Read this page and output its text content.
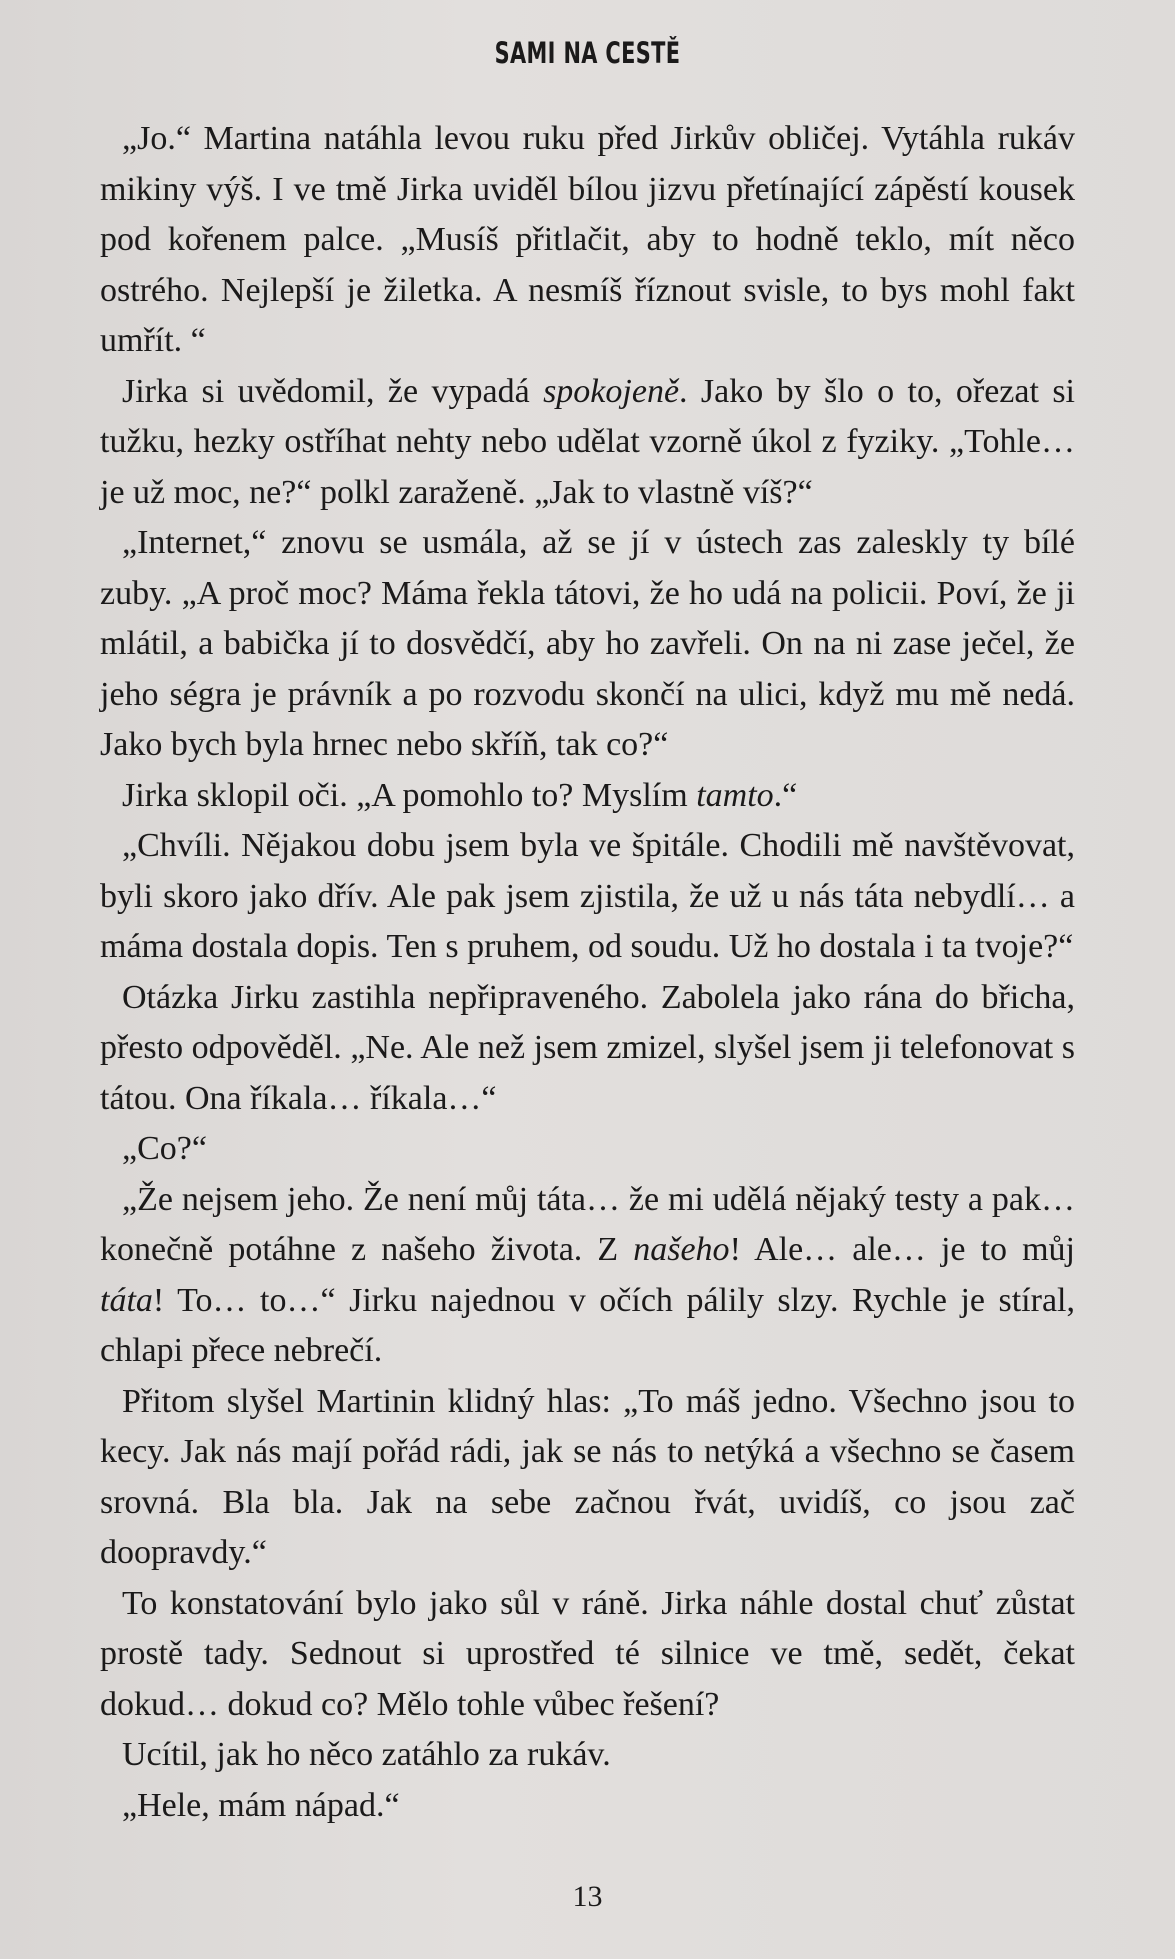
SAMI NA CESTĚ

„Jo.“ Martina natáhla levou ruku před Jirkův obličej. Vytáhla rukáv mikiny výš. I ve tmě Jirka uviděl bílou jizvu přetínající zápěstí kousek pod kořenem palce. „Musíš přitlačit, aby to hodně teklo, mít něco ostrého. Nejlepší je žiletka. A nesmíš říznout svisle, to bys mohl fakt umřít. “

Jirka si uvědomil, že vypadá spokojeně. Jako by šlo o to, ořezat si tužku, hezky ostříhat nehty nebo udělat vzorně úkol z fyziky. „Tohle… je už moc, ne?“ polkl zaraženě. „Jak to vlastně víš?“

„Internet,“ znovu se usmála, až se jí v ústech zas zaleskly ty bílé zuby. „A proč moc? Máma řekla tátovi, že ho udá na policii. Poví, že ji mlátil, a babička jí to dosvědčí, aby ho zavřeli. On na ni zase ječel, že jeho ségra je právník a po rozvodu skončí na ulici, když mu mě nedá. Jako bych byla hrnec nebo skříň, tak co?“

Jirka sklopil oči. „A pomohlo to? Myslím tamto.“

„Chvíli. Nějakou dobu jsem byla ve špitále. Chodili mě navštěvovat, byli skoro jako dřív. Ale pak jsem zjistila, že už u nás táta nebydlí… a máma dostala dopis. Ten s pruhem, od soudu. Už ho dostala i ta tvoje?“

Otázka Jirku zastihla nepřipraveného. Zabolela jako rána do břicha, přesto odpověděl. „Ne. Ale než jsem zmizel, slyšel jsem ji telefonovat s tátou. Ona říkala… říkala…“

„Co?“

„Že nejsem jeho. Že není můj táta… že mi udělá nějaký testy a pak… konečně potáhne z našeho života. Z našeho! Ale… ale… je to můj táta! To… to…“ Jirku najednou v očích pálily slzy. Rychle je stíral, chlapi přece nebrečí.

Přitom slyšel Martinin klidný hlas: „To máš jedno. Všechno jsou to kecy. Jak nás mají pořád rádi, jak se nás to netýká a všechno se časem srovná. Bla bla. Jak na sebe začnou řvát, uvidíš, co jsou zač doopravdy.“

To konstatování bylo jako sůl v ráně. Jirka náhle dostal chuť zůstat prostě tady. Sednout si uprostřed té silnice ve tmě, sedět, čekat dokud… dokud co? Mělo tohle vůbec řešení?

Ucítil, jak ho něco zatáhlo za rukáv.

„Hele, mám nápad.“

13
